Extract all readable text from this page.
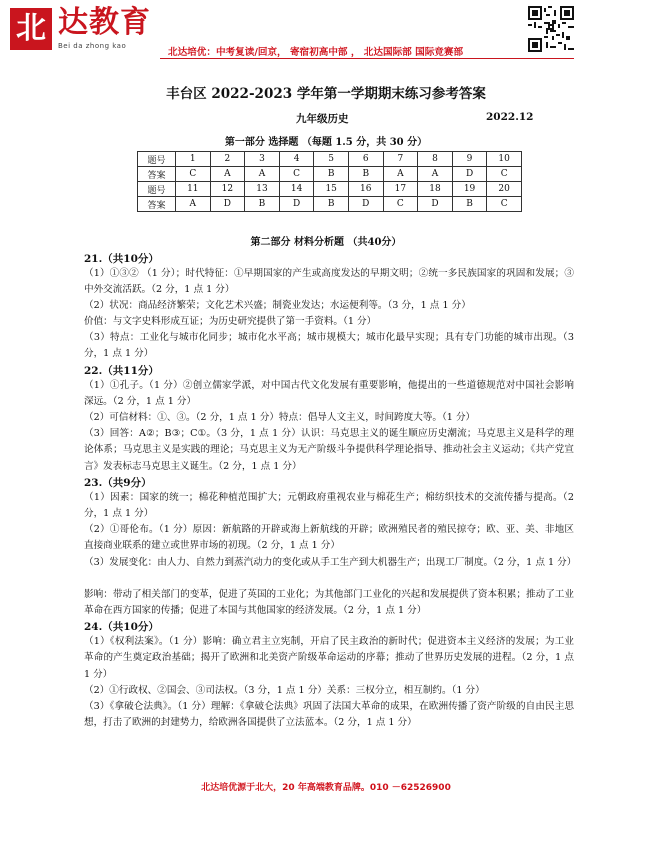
北 达教育
Bei da zhong kao
北达培优：中考复读/回京， 寄宿初高中部 ， 北达国际部 国际竞赛部
丰台区 2022-2023 学年第一学期期末练习参考答案
九年级历史	2022.12
第一部分 选择题 （每题 1.5 分，共 30 分）
题号	1	2	3	4	5	6	7	8	9	10
答案	C	A	A	C	B	B	A	A	D	C
题号	11	12	13	14	15	16	17	18	19	20
答案	A	D	B	D	B	D	C	D	B	C
第二部分 材料分析题 （共40分）
21.（共10分）
（1）①③② （1 分）；时代特征：①早期国家的产生或高度发达的早期文明；②统一多民族国家的巩固和发展；③中外交流活跃。（2 分，1 点 1 分）
（2）状况：商品经济繁荣；文化艺术兴盛；制瓷业发达；水运便利等。（3 分，1 点 1 分）
价值：与文字史料形成互证；为历史研究提供了第一手资料。（1 分）
（3）特点：工业化与城市化同步；城市化水平高；城市规模大；城市化最早实现；具有专门功能的城市出现。（3 分，1 点 1 分）
22.（共11分）
（1）①孔子。（1 分）②创立儒家学派，对中国古代文化发展有重要影响，他提出的一些道德规范对中国社会影响深远。（2 分，1 点 1 分）
（2）可信材料：①、③。（2 分，1 点 1 分）特点：倡导人文主义，时间跨度大等。（1 分）
（3）回答：A②；B③；C①。（3 分，1 点 1 分）认识：马克思主义的诞生顺应历史潮流；马克思主义是科学的理论体系；马克思主义是实践的理论；马克思主义为无产阶级斗争提供科学理论指导、推动社会主义运动；《共产党宣言》发表标志马克思主义诞生。（2 分，1 点 1 分）
23.（共9分）
（1）因素：国家的统一；棉花种植范围扩大；元朝政府重视农业与棉花生产；棉纺织技术的交流传播与提高。（2 分，1 点 1 分）
（2）①哥伦布。（1 分）原因：新航路的开辟或海上新航线的开辟；欧洲殖民者的殖民掠夺；欧、亚、美、非地区直接商业联系的建立或世界市场的初现。（2 分，1 点 1 分）
（3）发展变化：由人力、自然力到蒸汽动力的变化或从手工生产到大机器生产；出现工厂制度。（2 分，1 点 1 分）
影响：带动了相关部门的变革，促进了英国的工业化；为其他部门工业化的兴起和发展提供了资本积累；推动了工业革命在西方国家的传播；促进了本国与其他国家的经济发展。（2 分，1 点 1 分）
24.（共10分）
（1）《权利法案》。（1 分）影响：确立君主立宪制，开启了民主政治的新时代；促进资本主义经济的发展；为工业革命的产生奠定政治基础；揭开了欧洲和北美资产阶级革命运动的序幕；推动了世界历史发展的进程。（2 分，1 点 1 分）
（2）①行政权、②国会、③司法权。（3 分，1 点 1 分）关系：三权分立，相互制约。（1 分）
（3）《拿破仑法典》。（1 分）理解：《拿破仑法典》巩固了法国大革命的成果，在欧洲传播了资产阶级的自由民主思想，打击了欧洲的封建势力，给欧洲各国提供了立法蓝本。（2 分，1 点 1 分）
北达培优源于北大，20 年高端教育品牌。010 －62526900
